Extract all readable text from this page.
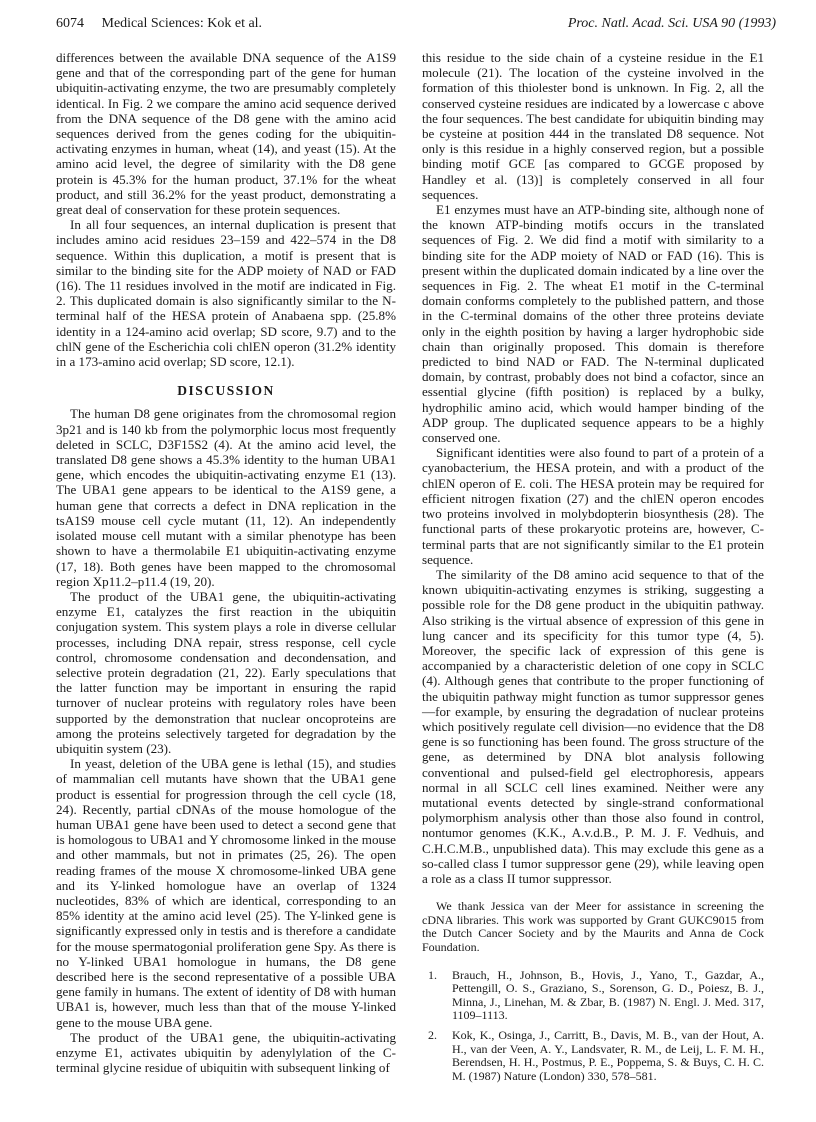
6074 Medical Sciences: Kok et al.	Proc. Natl. Acad. Sci. USA 90 (1993)

differences between the available DNA sequence of the A1S9 gene and that of the corresponding part of the gene for human ubiquitin-activating enzyme, the two are presumably completely identical. In Fig. 2 we compare the amino acid sequence derived from the DNA sequence of the D8 gene with the amino acid sequences derived from the genes coding for the ubiquitin-activating enzymes in human, wheat (14), and yeast (15). At the amino acid level, the degree of similarity with the D8 gene protein is 45.3% for the human product, 37.1% for the wheat product, and still 36.2% for the yeast product, demonstrating a great deal of conservation for these protein sequences.

In all four sequences, an internal duplication is present that includes amino acid residues 23–159 and 422–574 in the D8 sequence. Within this duplication, a motif is present that is similar to the binding site for the ADP moiety of NAD or FAD (16). The 11 residues involved in the motif are indicated in Fig. 2. This duplicated domain is also significantly similar to the N-terminal half of the HESA protein of Anabaena spp. (25.8% identity in a 124-amino acid overlap; SD score, 9.7) and to the chlN gene of the Escherichia coli chlEN operon (31.2% identity in a 173-amino acid overlap; SD score, 12.1).

DISCUSSION

The human D8 gene originates from the chromosomal region 3p21 and is 140 kb from the polymorphic locus most frequently deleted in SCLC, D3F15S2 (4). At the amino acid level, the translated D8 gene shows a 45.3% identity to the human UBA1 gene, which encodes the ubiquitin-activating enzyme E1 (13). The UBA1 gene appears to be identical to the A1S9 gene, a human gene that corrects a defect in DNA replication in the tsA1S9 mouse cell cycle mutant (11, 12). An independently isolated mouse cell mutant with a similar phenotype has been shown to have a thermolabile E1 ubiquitin-activating enzyme (17, 18). Both genes have been mapped to the chromosomal region Xp11.2–p11.4 (19, 20).

The product of the UBA1 gene, the ubiquitin-activating enzyme E1, catalyzes the first reaction in the ubiquitin conjugation system. This system plays a role in diverse cellular processes, including DNA repair, stress response, cell cycle control, chromosome condensation and decondensation, and selective protein degradation (21, 22). Early speculations that the latter function may be important in ensuring the rapid turnover of nuclear proteins with regulatory roles have been supported by the demonstration that nuclear oncoproteins are among the proteins selectively targeted for degradation by the ubiquitin system (23).

In yeast, deletion of the UBA gene is lethal (15), and studies of mammalian cell mutants have shown that the UBA1 gene product is essential for progression through the cell cycle (18, 24). Recently, partial cDNAs of the mouse homologue of the human UBA1 gene have been used to detect a second gene that is homologous to UBA1 and Y chromosome linked in the mouse and other mammals, but not in primates (25, 26). The open reading frames of the mouse X chromosome-linked UBA gene and its Y-linked homologue have an overlap of 1324 nucleotides, 83% of which are identical, corresponding to an 85% identity at the amino acid level (25). The Y-linked gene is significantly expressed only in testis and is therefore a candidate for the mouse spermatogonial proliferation gene Spy. As there is no Y-linked UBA1 homologue in humans, the D8 gene described here is the second representative of a possible UBA gene family in humans. The extent of identity of D8 with human UBA1 is, however, much less than that of the mouse Y-linked gene to the mouse UBA gene.

The product of the UBA1 gene, the ubiquitin-activating enzyme E1, activates ubiquitin by adenylylation of the C-terminal glycine residue of ubiquitin with subsequent linking of

this residue to the side chain of a cysteine residue in the E1 molecule (21). The location of the cysteine involved in the formation of this thiolester bond is unknown. In Fig. 2, all the conserved cysteine residues are indicated by a lowercase c above the four sequences. The best candidate for ubiquitin binding may be cysteine at position 444 in the translated D8 sequence. Not only is this residue in a highly conserved region, but a possible binding motif GCE [as compared to GCGE proposed by Handley et al. (13)] is completely conserved in all four sequences.

E1 enzymes must have an ATP-binding site, although none of the known ATP-binding motifs occurs in the translated sequences of Fig. 2. We did find a motif with similarity to a binding site for the ADP moiety of NAD or FAD (16). This is present within the duplicated domain indicated by a line over the sequences in Fig. 2. The wheat E1 motif in the C-terminal domain conforms completely to the published pattern, and those in the C-terminal domains of the other three proteins deviate only in the eighth position by having a larger hydrophobic side chain than originally proposed. This domain is therefore predicted to bind NAD or FAD. The N-terminal duplicated domain, by contrast, probably does not bind a cofactor, since an essential glycine (fifth position) is replaced by a bulky, hydrophilic amino acid, which would hamper binding of the ADP group. The duplicated sequence appears to be a highly conserved one.

Significant identities were also found to part of a protein of a cyanobacterium, the HESA protein, and with a product of the chlEN operon of E. coli. The HESA protein may be required for efficient nitrogen fixation (27) and the chlEN operon encodes two proteins involved in molybdopterin biosynthesis (28). The functional parts of these prokaryotic proteins are, however, C-terminal parts that are not significantly similar to the E1 protein sequence.

The similarity of the D8 amino acid sequence to that of the known ubiquitin-activating enzymes is striking, suggesting a possible role for the D8 gene product in the ubiquitin pathway. Also striking is the virtual absence of expression of this gene in lung cancer and its specificity for this tumor type (4, 5). Moreover, the specific lack of expression of this gene is accompanied by a characteristic deletion of one copy in SCLC (4). Although genes that contribute to the proper functioning of the ubiquitin pathway might function as tumor suppressor genes—for example, by ensuring the degradation of nuclear proteins which positively regulate cell division—no evidence that the D8 gene is so functioning has been found. The gross structure of the gene, as determined by DNA blot analysis following conventional and pulsed-field gel electrophoresis, appears normal in all SCLC cell lines examined. Neither were any mutational events detected by single-strand conformational polymorphism analysis other than those also found in control, nontumor genomes (K.K., A.v.d.B., P. M. J. F. Vedhuis, and C.H.C.M.B., unpublished data). This may exclude this gene as a so-called class I tumor suppressor gene (29), while leaving open a role as a class II tumor suppressor.

We thank Jessica van der Meer for assistance in screening the cDNA libraries. This work was supported by Grant GUKC9015 from the Dutch Cancer Society and by the Maurits and Anna de Cock Foundation.

1. Brauch, H., Johnson, B., Hovis, J., Yano, T., Gazdar, A., Pettengill, O. S., Graziano, S., Sorenson, G. D., Poiesz, B. J., Minna, J., Linehan, M. & Zbar, B. (1987) N. Engl. J. Med. 317, 1109–1113.
2. Kok, K., Osinga, J., Carritt, B., Davis, M. B., van der Hout, A. H., van der Veen, A. Y., Landsvater, R. M., de Leij, L. F. M. H., Berendsen, H. H., Postmus, P. E., Poppema, S. & Buys, C. H. C. M. (1987) Nature (London) 330, 578–581.
